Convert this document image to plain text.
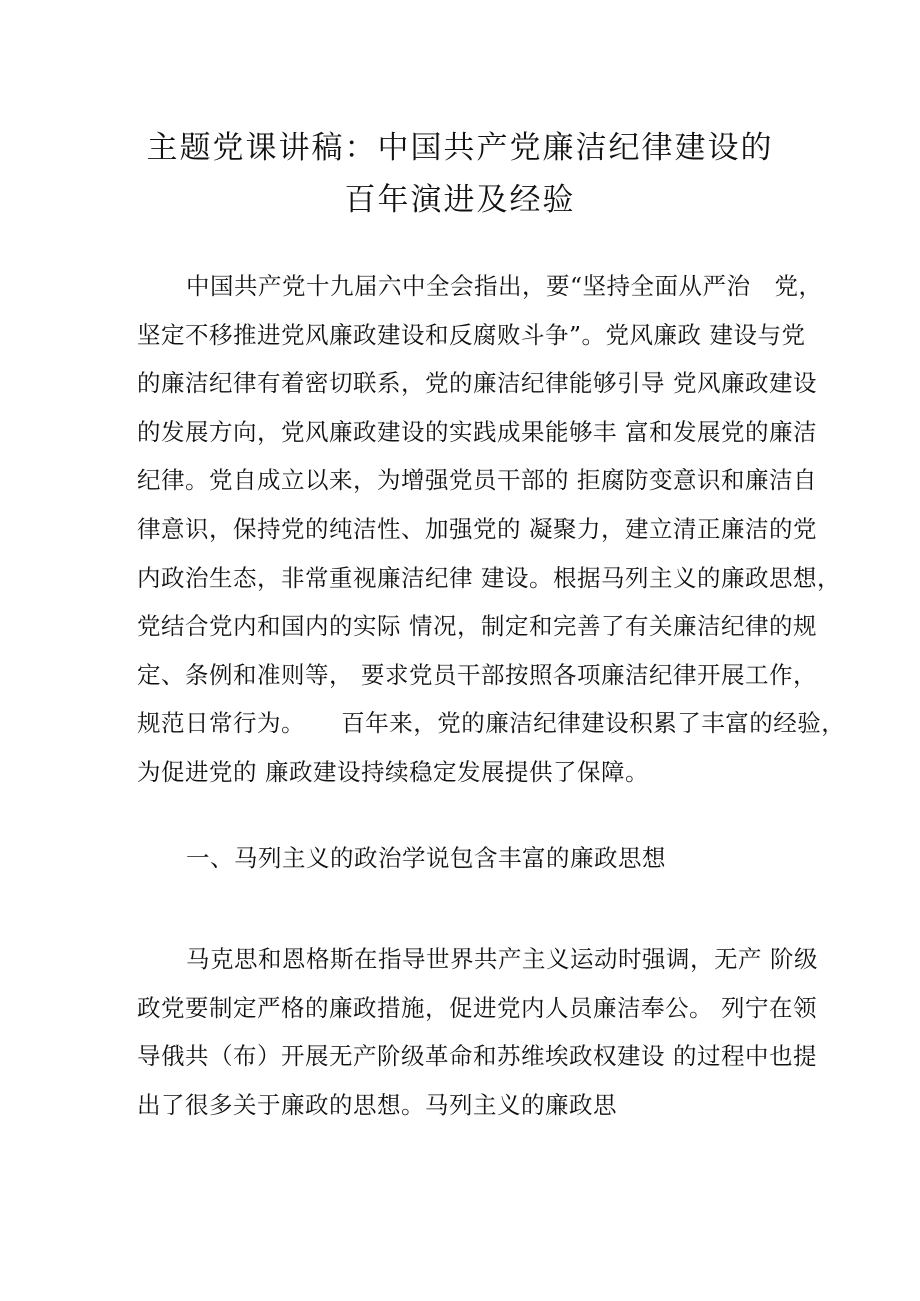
主题党课讲稿：中国共产党廉洁纪律建设的
百年演进及经验
中国共产党十九届六中全会指出，要“坚持全面从严治　党，
坚定不移推进党风廉政建设和反腐败斗争”。党风廉政 建设与党
的廉洁纪律有着密切联系，党的廉洁纪律能够引导 党风廉政建设
的发展方向，党风廉政建设的实践成果能够丰 富和发展党的廉洁
纪律。党自成立以来，为增强党员干部的 拒腐防变意识和廉洁自
律意识，保持党的纯洁性、加强党的 凝聚力，建立清正廉洁的党
内政治生态，非常重视廉洁纪律 建设。根据马列主义的廉政思想，
党结合党内和国内的实际 情况，制定和完善了有关廉洁纪律的规
定、条例和准则等， 要求党员干部按照各项廉洁纪律开展工作，
规范日常行为。　　百年来，党的廉洁纪律建设积累了丰富的经验，
为促进党的 廉政建设持续稳定发展提供了保障。
一、马列主义的政治学说包含丰富的廉政思想
马克思和恩格斯在指导世界共产主义运动时强调，无产 阶级
政党要制定严格的廉政措施，促进党内人员廉洁奉公。 列宁在领
导俄共（布）开展无产阶级革命和苏维埃政权建设 的过程中也提
出了很多关于廉政的思想。马列主义的廉政思
